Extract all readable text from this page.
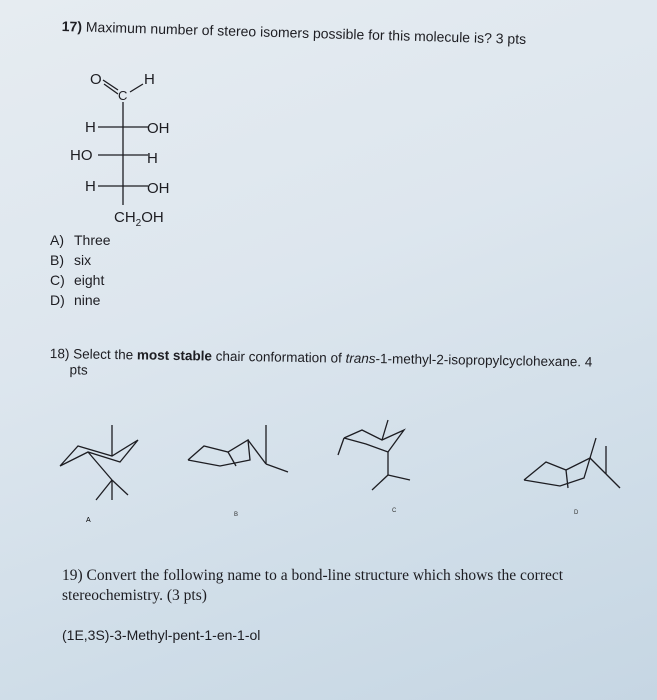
17) Maximum number of stereo isomers possible for this molecule is? 3 pts
O
C
H
H	OH
HO	H
H	OH
$CH_2OH$
A
B
C	D
A) Three
B) six
C) eight
D) nine
18) Select the most stable chair conformation of trans-1-methyl-2-isopropylcyclohexane. 4
pts
19) Convert the following name to a bond-line structure which shows the correct
stereochemistry. (3 pts)
(1E,3S)-3-Methyl-pent-1-en-1-ol
